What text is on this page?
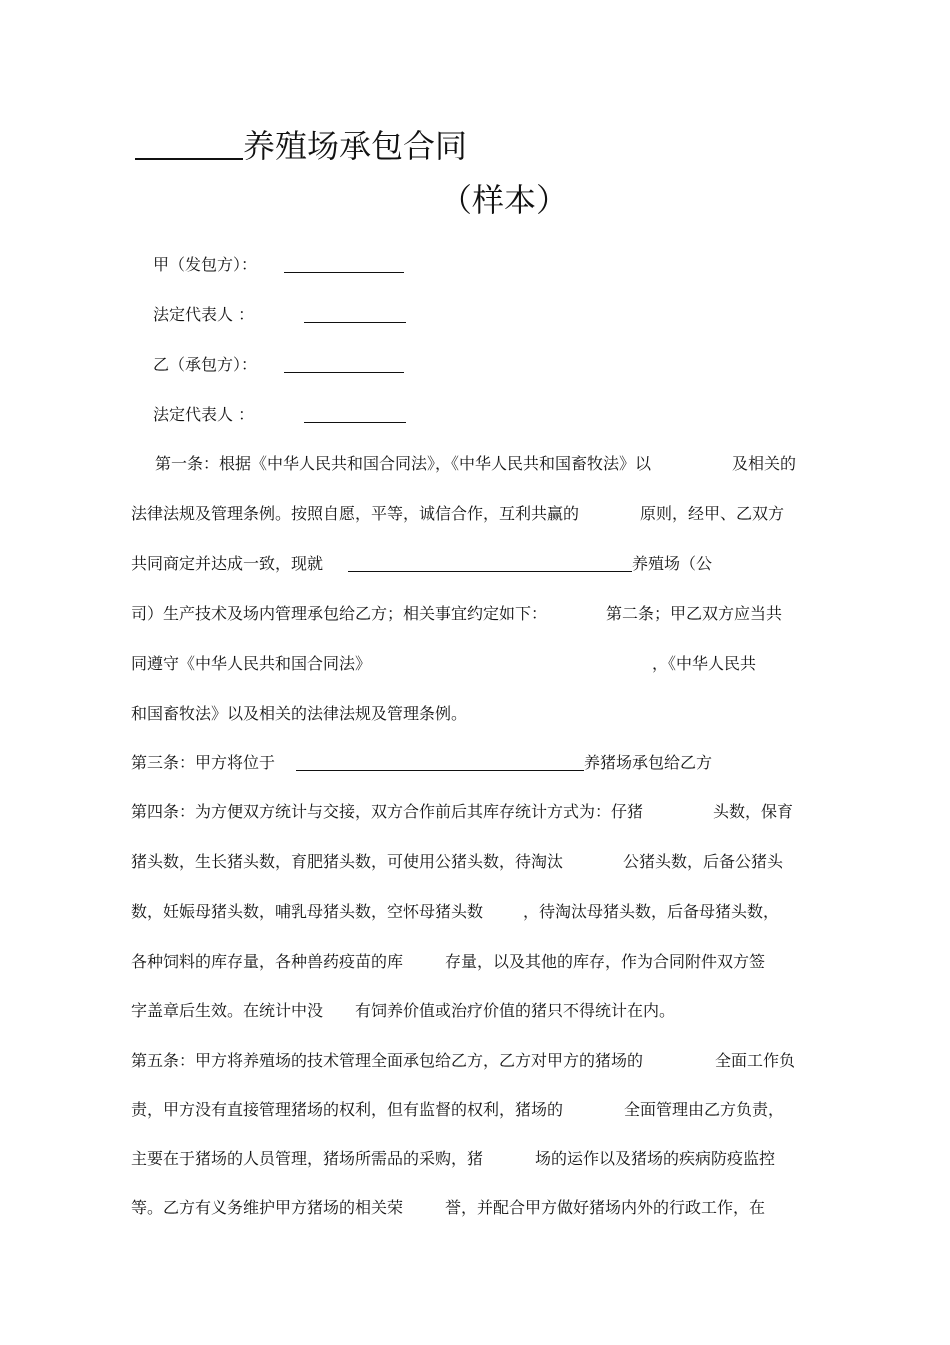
养殖场承包合同
（样本）
甲（发包方）：
法定代表人 ：
乙（承包方）：
法定代表人 ：
第一条：根据《中华人民共和国合同法》，《中华人民共和国畜牧法》以	及相关的
法律法规及管理条例。按照自愿，平等，诚信合作，互利共赢的	原则，经甲、乙双方
共同商定并达成一致，现就	养殖场（公
司）生产技术及场内管理承包给乙方；相关事宜约定如下：	第二条；甲乙双方应当共
同遵守《中华人民共和国合同法》	，《中华人民共
和国畜牧法》以及相关的法律法规及管理条例。
第三条：甲方将位于	养猪场承包给乙方
第四条：为方便双方统计与交接，双方合作前后其库存统计方式为：仔猪	头数，保育
猪头数，生长猪头数，育肥猪头数，可使用公猪头数，待淘汰	公猪头数，后备公猪头
数，妊娠母猪头数，哺乳母猪头数，空怀母猪头数 ，待淘汰母猪头数，后备母猪头数，
各种饲料的库存量，各种兽药疫苗的库	存量，以及其他的库存，作为合同附件双方签
字盖章后生效。在统计中没 有饲养价值或治疗价值的猪只不得统计在内。
第五条：甲方将养殖场的技术管理全面承包给乙方，乙方对甲方的猪场的	全面工作负
责，甲方没有直接管理猪场的权利，但有监督的权利，猪场的	全面管理由乙方负责，
主要在于猪场的人员管理，猪场所需品的采购，猪	场的运作以及猪场的疾病防疫监控
等。乙方有义务维护甲方猪场的相关荣	誉，并配合甲方做好猪场内外的行政工作，在
